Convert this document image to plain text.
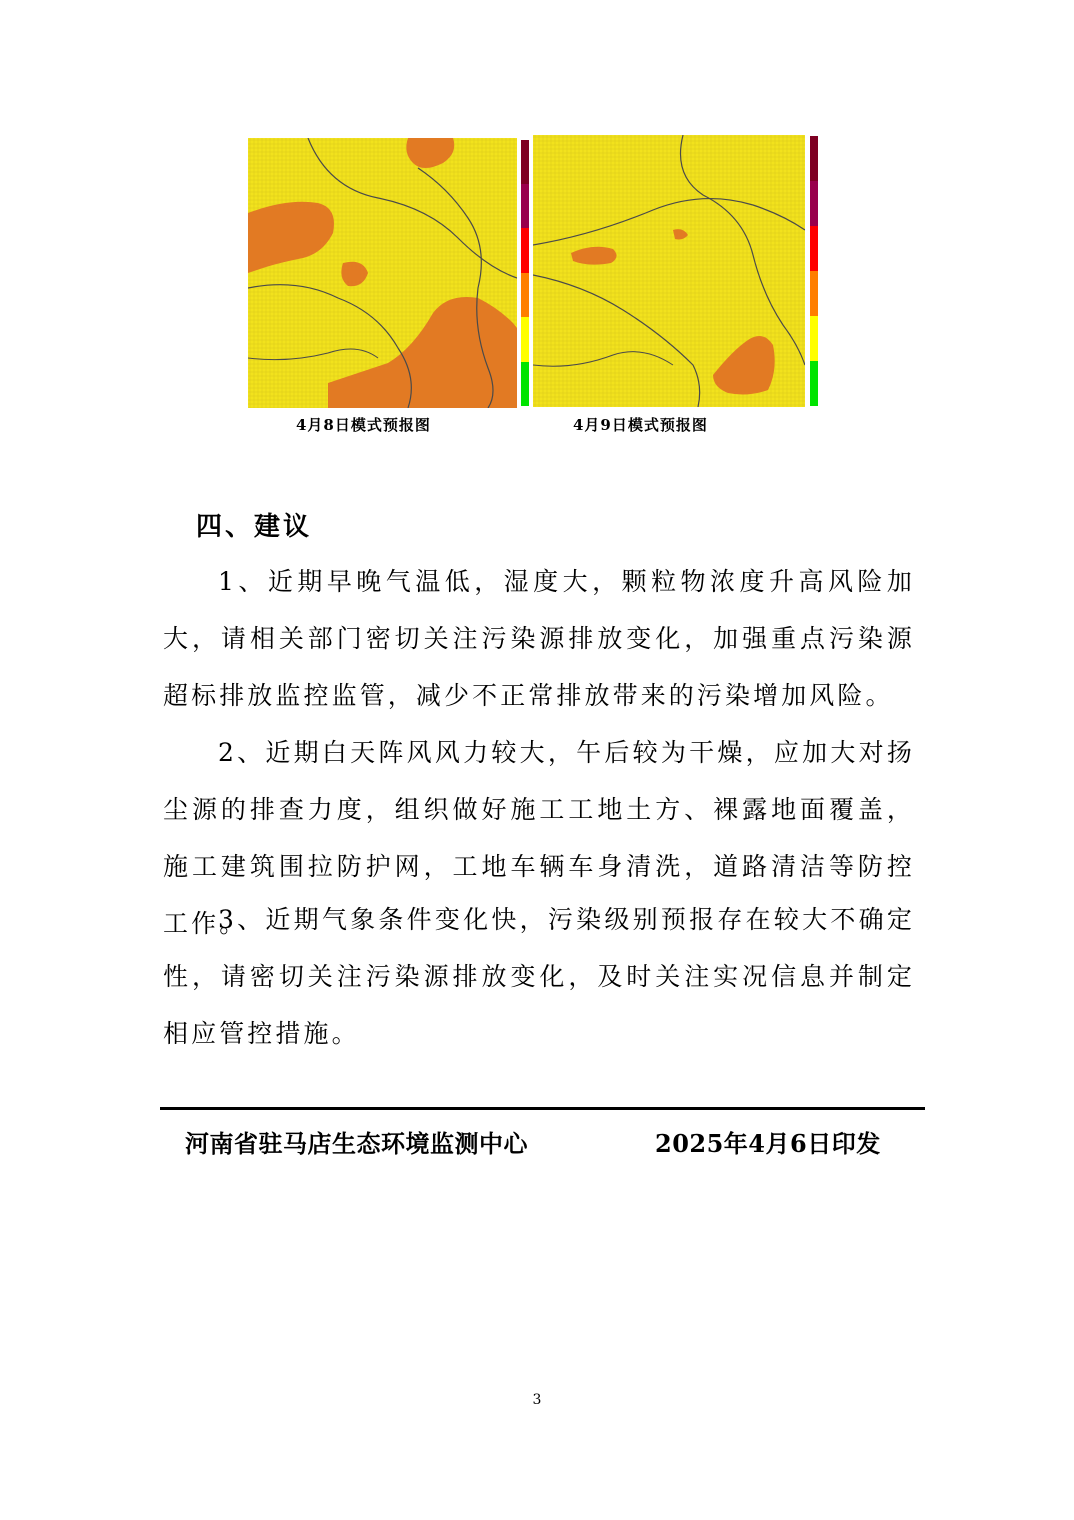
4月8日模式预报图	4月9日模式预报图
四、建议

1、近期早晚气温低，湿度大，颗粒物浓度升高风险加大，请相关部门密切关注污染源排放变化，加强重点污染源超标排放监控监管，减少不正常排放带来的污染增加风险。

2、近期白天阵风风力较大，午后较为干燥，应加大对扬尘源的排查力度，组织做好施工工地土方、裸露地面覆盖，施工建筑围拉防护网，工地车辆车身清洗，道路清洁等防控工作。

3、近期气象条件变化快，污染级别预报存在较大不确定性，请密切关注污染源排放变化，及时关注实况信息并制定相应管控措施。

河南省驻马店生态环境监测中心	2025年4月6日印发
3
